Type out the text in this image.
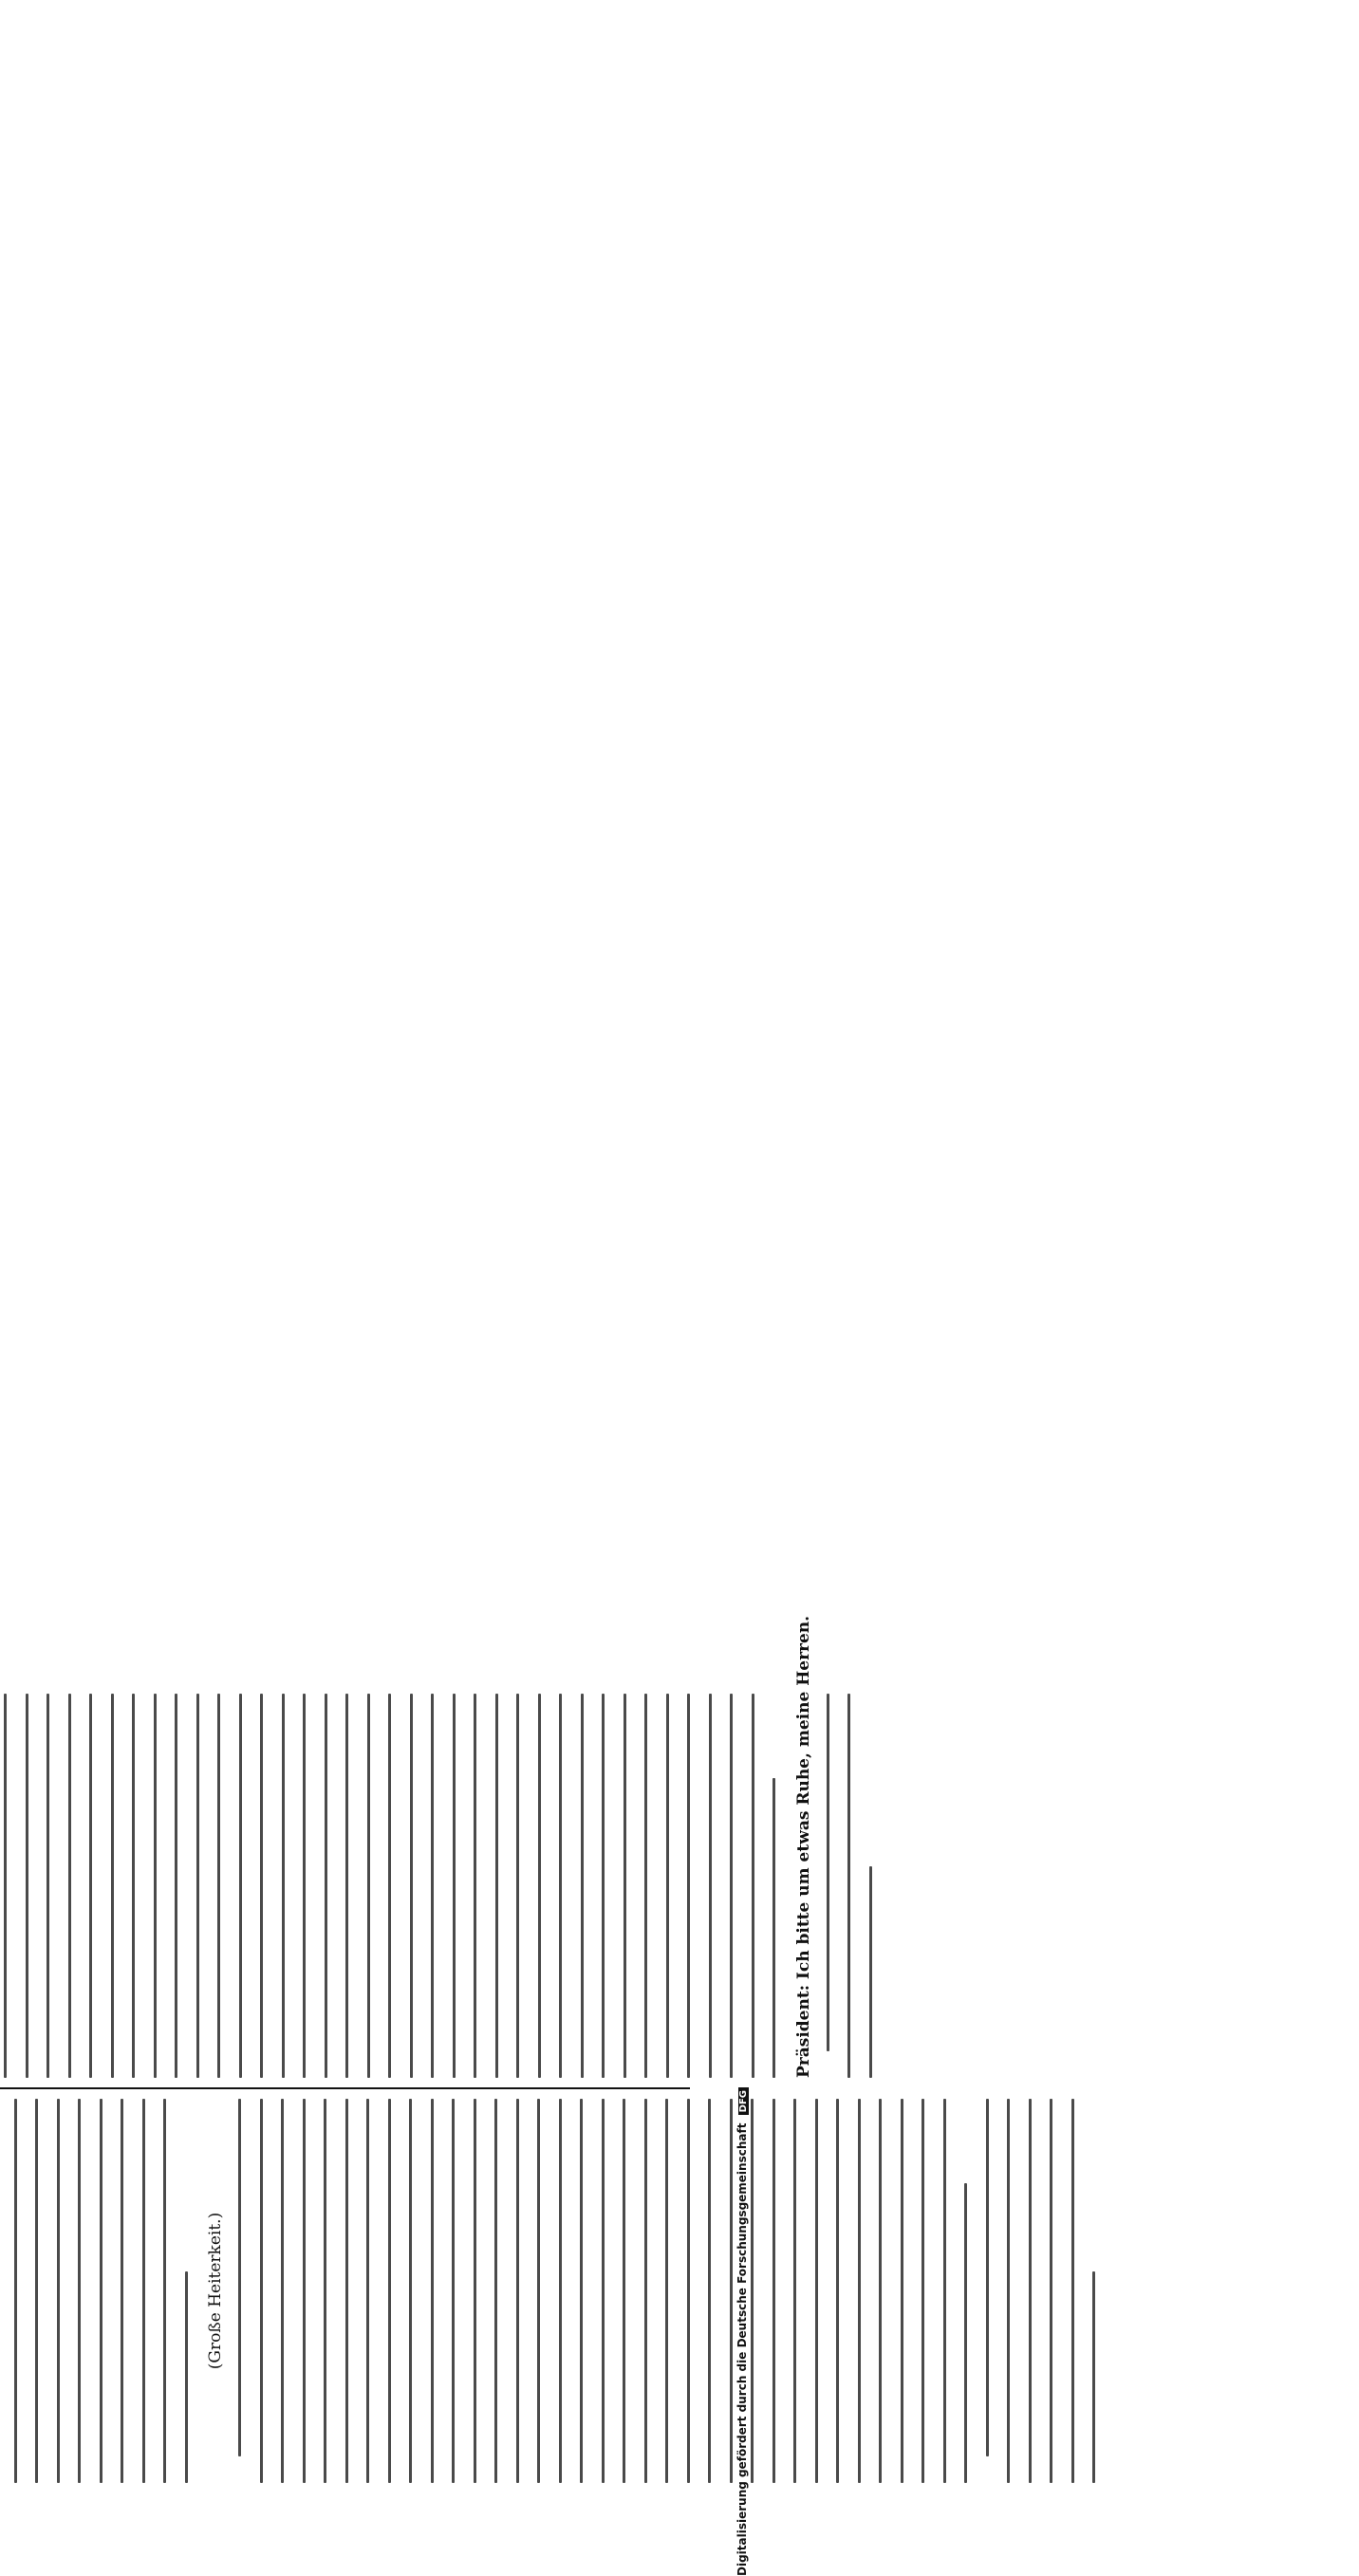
(Große Heiterkeit.)
Präsident: Ich bitte um etwas Ruhe, meine Herren.
Digitalisierung gefördert durch die Deutsche Forschungsgemeinschaft DFG
